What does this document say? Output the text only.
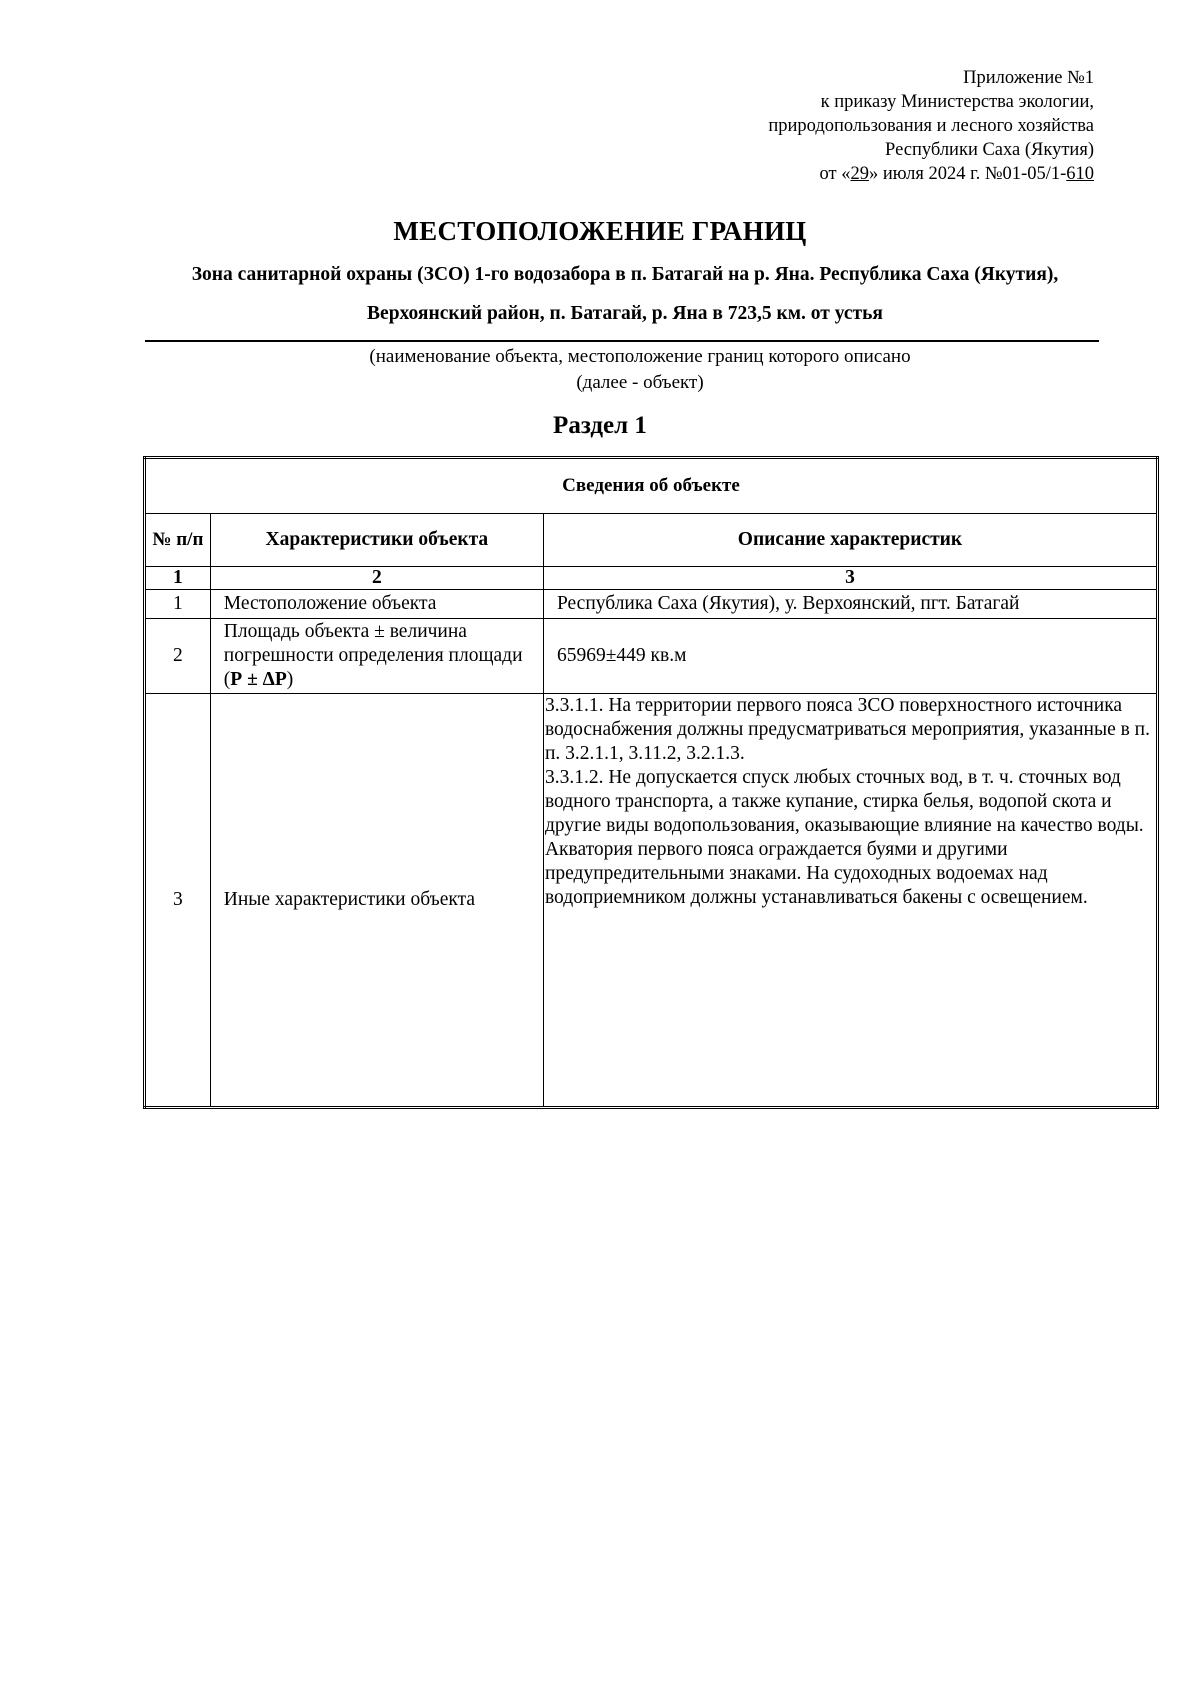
Приложение №1
к приказу Министерства экологии,
природопользования и лесного хозяйства
Республики Саха (Якутия)
от «29» июля 2024 г. №01-05/1-610
МЕСТОПОЛОЖЕНИЕ ГРАНИЦ
Зона санитарной охраны (ЗСО) 1-го водозабора в п. Батагай на р. Яна. Республика Саха (Якутия),
Верхоянский район, п. Батагай, р. Яна в 723,5 км. от устья
(наименование объекта, местоположение границ которого описано
(далее - объект)
Раздел 1
Сведения об объекте		
№ п/п	Характеристики объекта	Описание характеристик
1	2	3
1	Местоположение объекта	Республика Саха (Якутия), у. Верхоянский, пгт. Батагай
2	Площадь объекта ± величина погрешности определения площади (Р ± ΔР)	65969±449 кв.м
3	Иные характеристики объекта	3.3.1.1. На территории первого пояса ЗСО поверхностного источника водоснабжения должны предусматриваться мероприятия, указанные в п. п. 3.2.1.1, 3.11.2, 3.2.1.3.
3.3.1.2. Не допускается спуск любых сточных вод, в т. ч. сточных вод водного транспорта, а также купание, стирка белья, водопой скота и другие виды водопользования, оказывающие влияние на качество воды.
Акватория первого пояса ограждается буями и другими предупредительными знаками. На судоходных водоемах над водоприемником должны устанавливаться бакены с освещением.
